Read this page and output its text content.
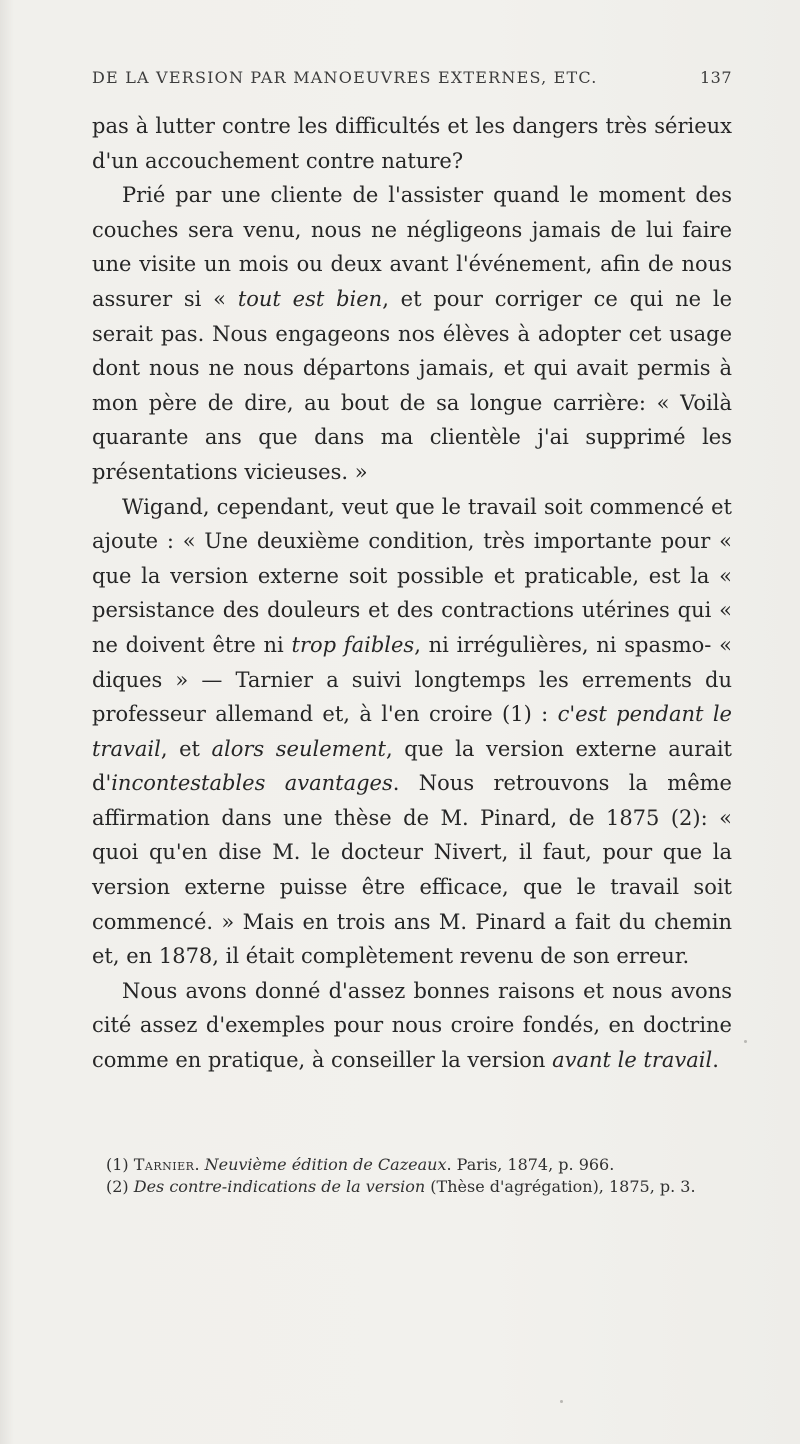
DE LA VERSION PAR MANOEUVRES EXTERNES, ETC.	137

pas à lutter contre les difficultés et les dangers très sérieux d'un accouchement contre nature?

Prié par une cliente de l'assister quand le moment des couches sera venu, nous ne négligeons jamais de lui faire une visite un mois ou deux avant l'événement, afin de nous assurer si « tout est bien, et pour corriger ce qui ne le serait pas. Nous engageons nos élèves à adopter cet usage dont nous ne nous départons jamais, et qui avait permis à mon père de dire, au bout de sa longue carrière: « Voilà quarante ans que dans ma clientèle j'ai supprimé les présentations vicieuses. »

Wigand, cependant, veut que le travail soit commencé et ajoute : « Une deuxième condition, très importante pour « que la version externe soit possible et praticable, est la « persistance des douleurs et des contractions utérines qui « ne doivent être ni trop faibles, ni irrégulières, ni spasmo- « diques » — Tarnier a suivi longtemps les errements du professeur allemand et, à l'en croire (1) : c'est pendant le travail, et alors seulement, que la version externe aurait d'incontestables avantages. Nous retrouvons la même affirmation dans une thèse de M. Pinard, de 1875 (2): « quoi qu'en dise M. le docteur Nivert, il faut, pour que la version externe puisse être efficace, que le travail soit commencé. » Mais en trois ans M. Pinard a fait du chemin et, en 1878, il était complètement revenu de son erreur.

Nous avons donné d'assez bonnes raisons et nous avons cité assez d'exemples pour nous croire fondés, en doctrine comme en pratique, à conseiller la version avant le travail.

(1) Tarnier. Neuvième édition de Cazeaux. Paris, 1874, p. 966.

(2) Des contre-indications de la version (Thèse d'agrégation), 1875, p. 3.
